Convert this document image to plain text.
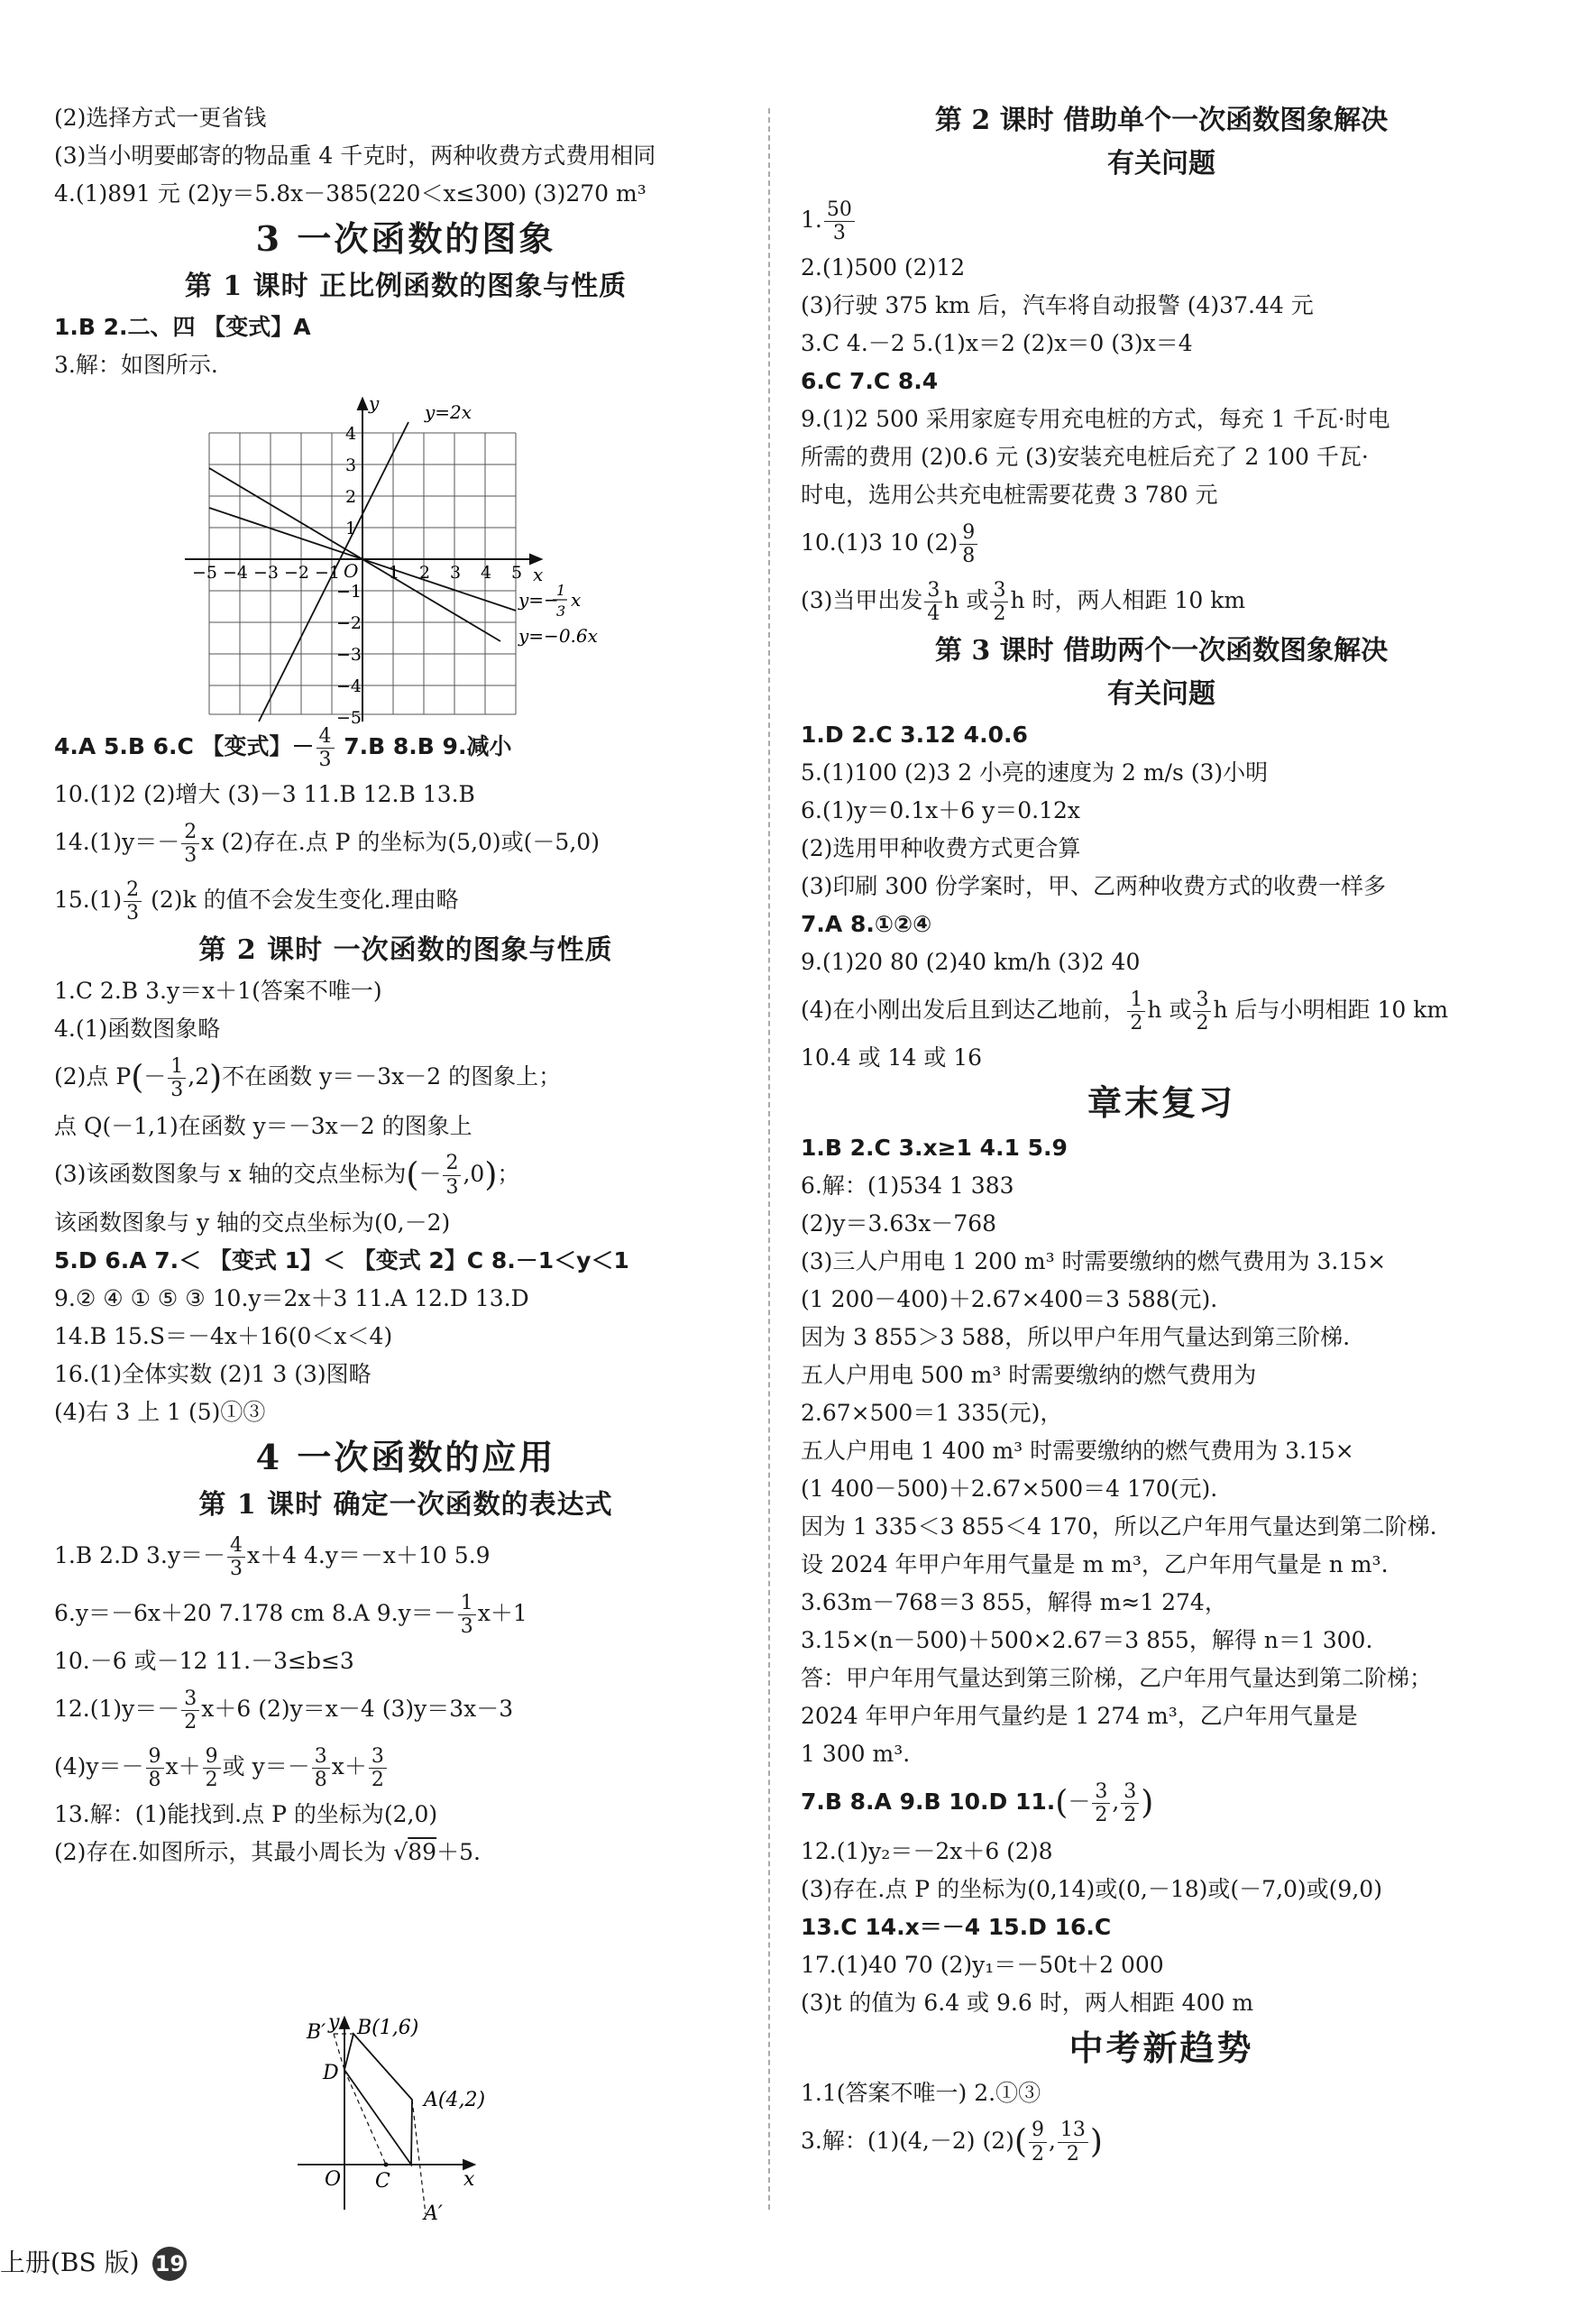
(2)选择方式一更省钱
(3)当小明要邮寄的物品重 4 千克时，两种收费方式费用相同
4.(1)891 元 (2)y＝5.8x－385(220＜x≤300) (3)270 m³
3 一次函数的图象
第 1 课时 正比例函数的图象与性质
1.B 2.二、四 【变式】A
3.解：如图所示.
4.A 5.B 6.C 【变式】－ $\frac{4}{3} 7.B$ 8.B 9.减小
10.(1)2 (2)增大 (3)－3 11.B 12.B 13.B
$14.(1)y=- \frac{2}{3}$ x (2)存在.点 P 的坐标为(5,0)或(－5,0)
$15.(1) \frac{2}{3} (2)k$ 的值不会发生变化.理由略
第 2 课时 一次函数的图象与性质
1.C 2.B 3.y＝x＋1(答案不唯一)
4.(1)函数图象略
(2)点 $P(- \frac{1}{3} ,2)$不在函数 y＝－3x－2 的图象上；
点 Q(－1,1)在函数 y＝－3x－2 的图象上
(3)该函数图象与 x 轴的交点坐标为(－ $\frac{2}{3} ,0$)；
该函数图象与 y 轴的交点坐标为(0,－2)
5.D 6.A 7.＜ 【变式 1】＜ 【变式 2】C 8.－1＜y＜1
9.② ④ ① ⑤ ③ 10.y＝2x＋3 11.A 12.D 13.D
14.B 15.S＝－4x＋16(0＜x＜4)
16.(1)全体实数 (2)1 3 (3)图略
(4)右 3 上 1 (5)①③
4 一次函数的应用
第 1 课时 确定一次函数的表达式
1.B 2.D $3.y=- \frac{4}{3} x+4$ 4.y＝－x＋10 5.9
6.y＝－6x＋20 7.178 cm 8.A $9.y=- \frac{1}{3} x+1$
10.－6 或－12 11.－3≤b≤3
$12.(1)y=- \frac{3}{2} x+6$ (2)y＝x－4 (3)y＝3x－3
$(4)y=- \frac{9}{8} x+ \frac{9}{2}$ 或 $y=- \frac{3}{8} x+ \frac{3}{2}$
13.解：(1)能找到.点 P 的坐标为(2,0)
(2)存在.如图所示，其最小周长为 √89＋5.
y
x
O
y=2x
y=−
1
3
x
y=−0.6x
−5 −4 −3 −2 −1	1 2 3 4 5
4
3
2
1
−1
−2
−3
−4
−5
B′ B(1,6)
D
A(4,2)
O C	x
y
A′
第 2 课时 借助单个一次函数图象解决
有关问题
1. $\frac{50}{3}$
2.(1)500 (2)12
(3)行驶 375 km 后，汽车将自动报警 (4)37.44 元
3.C 4.－2 5.(1)x＝2 (2)x＝0 (3)x＝4
6.C 7.C 8.4
9.(1)2 500 采用家庭专用充电桩的方式，每充 1 千瓦·时电
所需的费用 (2)0.6 元 (3)安装充电桩后充了 2 100 千瓦·
时电，选用公共充电桩需要花费 3 780 元
10.(1)3 10 $(2) \frac{9}{8}$
(3)当甲出发 $\frac{3}{4}$ h 或 $\frac{3}{2}$ h 时，两人相距 10 km
第 3 课时 借助两个一次函数图象解决
有关问题
1.D 2.C 3.12 4.0.6
5.(1)100 (2)3 2 小亮的速度为 2 m/s (3)小明
6.(1)y＝0.1x＋6 y＝0.12x
(2)选用甲种收费方式更合算
(3)印刷 300 份学案时，甲、乙两种收费方式的收费一样多
7.A 8.①②④
9.(1)20 80 (2)40 km/h (3)2 40
(4)在小刚出发后且到达乙地前， $\frac{1}{2}$ h 或 $\frac{3}{2}$ h 后与小明相距 10 km
10.4 或 14 或 16
章末复习
1.B 2.C 3.x≥1 4.1 5.9
6.解：(1)534 1 383
(2)y＝3.63x－768
(3)三人户用电 1 200 m³ 时需要缴纳的燃气费用为 3.15×
(1 200－400)＋2.67×400＝3 588(元).
因为 3 855＞3 588，所以甲户年用气量达到第三阶梯.
五人户用电 500 m³ 时需要缴纳的燃气费用为
2.67×500＝1 335(元)，
五人户用电 1 400 m³ 时需要缴纳的燃气费用为 3.15×
(1 400－500)＋2.67×500＝4 170(元).
因为 1 335＜3 855＜4 170，所以乙户年用气量达到第二阶梯.
设 2024 年甲户年用气量是 m m³，乙户年用气量是 n m³.
3.63m－768＝3 855，解得 m≈1 274，
3.15×(n－500)＋500×2.67＝3 855，解得 n＝1 300.
答：甲户年用气量达到第三阶梯，乙户年用气量达到第二阶梯；
2024 年甲户年用气量约是 1 274 m³，乙户年用气量是
1 300 m³.
7.B 8.A 9.B 10.D $11.(- \frac{3}{2}$ , $\frac{3}{2}$ )
12.(1)y₂＝－2x＋6 (2)8
(3)存在.点 P 的坐标为(0,14)或(0,－18)或(－7,0)或(9,0)
13.C 14.x＝－4 15.D 16.C
17.(1)40 70 (2)y₁＝－50t＋2 000
(3)t 的值为 6.4 或 9.6 时，两人相距 400 m
中考新趋势
1.1(答案不唯一) 2.①③
3.解：(1)(4,－2) $(2)( \frac{9}{2}$ , $\frac{13}{2}$ )
上册(BS 版) 19
